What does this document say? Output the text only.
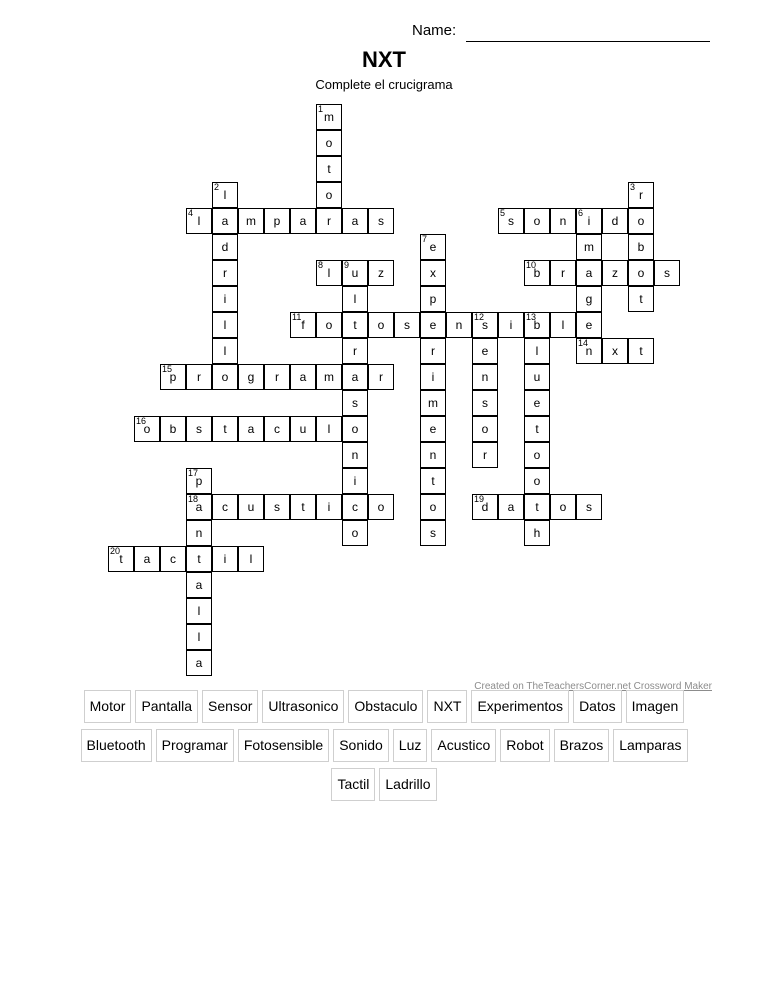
Name:
NXT
Complete el crucigrama
1
m
o
t
o
2
l
3
r
4
l	a	m	p	a	r	a	s
5
s	o	n
6
i	d	o
d
7
e	m	b
r
8
l
9
u	z	x
10
b	r	a	z	o	s
i	l	p	g	t
l
11
f	o	t	o	s	e	n
12
s	i
13
b	l	e
l	r	r	e	l
14
n	x	t
15
p	r	o	g	r	a	m	a	r	i	n	u
s	m	s	e
16
o	b	s	t	a	c	u	l	o	e	o	t
n	n	r	o
17
p	i	t	o
18
a	c	u	s	t	i	c	o	o
19
d	a	t	o	s
n	o	s	h
20
t	a	c	t	i	l
a
l
l
a
Created on TheTeachersCorner.net Crossword Maker
Motor	Pantalla	Sensor	Ultrasonico	Obstaculo	NXT	Experimentos	Datos	Imagen
Bluetooth	Programar	Fotosensible	Sonido	Luz	Acustico	Robot	Brazos	Lamparas
Tactil	Ladrillo
